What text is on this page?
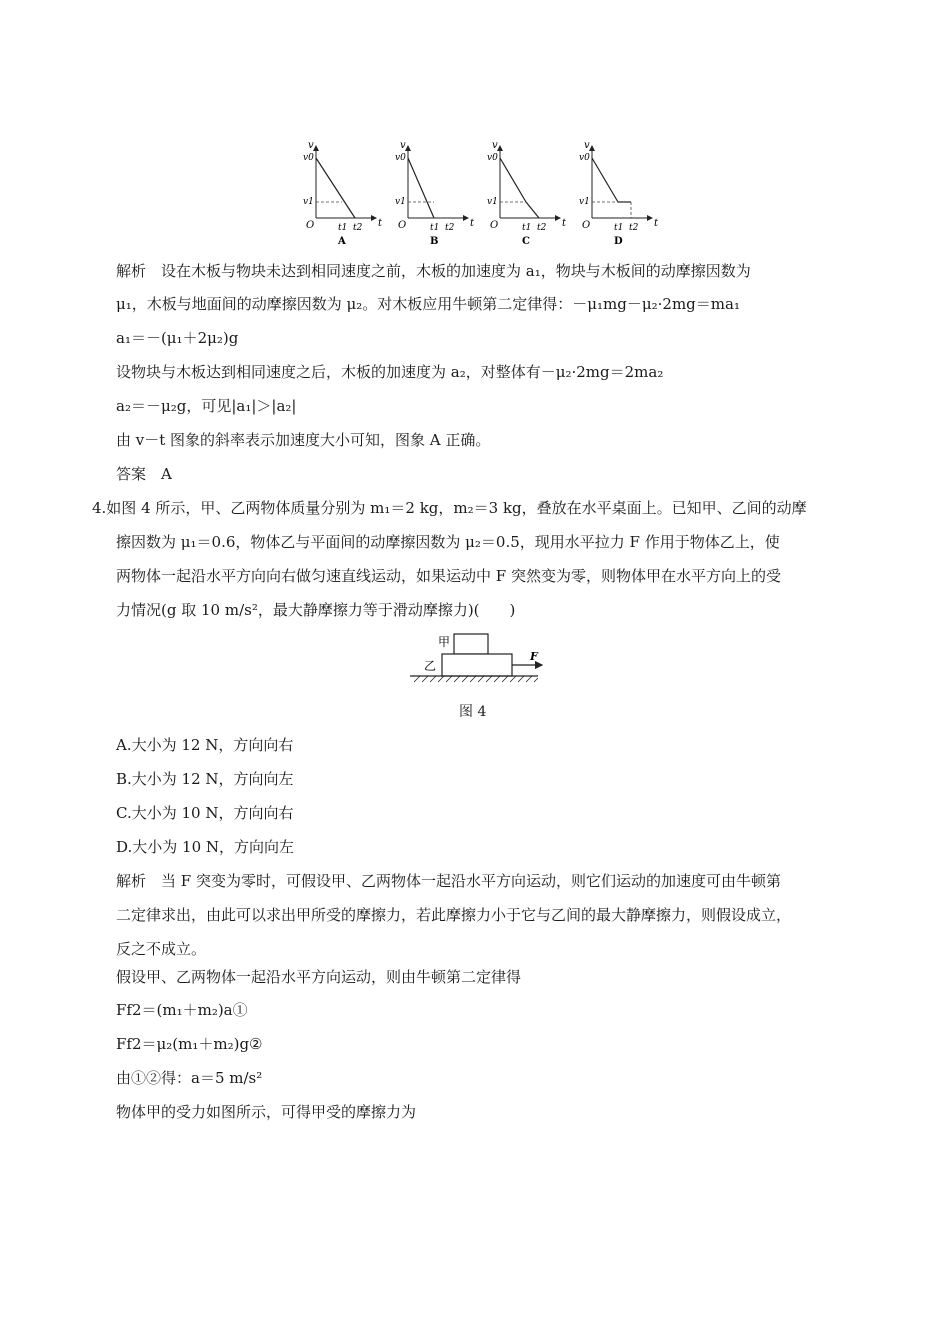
v
t
v0
v1
O	t1 t2
A
v
t
v0
v1
O	t1 t2
B
v
t
v0
v1
O	t1 t2
C
v
t
v0
v1
O	t1 t2
D
解析　设在木板与物块未达到相同速度之前，木板的加速度为 a₁，物块与木板间的动摩擦因数为
μ₁，木板与地面间的动摩擦因数为 μ₂。对木板应用牛顿第二定律得：－μ₁mg－μ₂·2mg＝ma₁
a₁＝－(μ₁＋2μ₂)g
设物块与木板达到相同速度之后，木板的加速度为 a₂，对整体有－μ₂·2mg＝2ma₂
a₂＝－μ₂g，可见|a₁|＞|a₂|
由 v－t 图象的斜率表示加速度大小可知，图象 A 正确。
答案　A
4.如图 4 所示，甲、乙两物体质量分别为 m₁＝2 kg，m₂＝3 kg，叠放在水平桌面上。已知甲、乙间的动摩
擦因数为 μ₁＝0.6，物体乙与平面间的动摩擦因数为 μ₂＝0.5，现用水平拉力 F 作用于物体乙上，使
两物体一起沿水平方向向右做匀速直线运动，如果运动中 F 突然变为零，则物体甲在水平方向上的受
力情况(g 取 10 m/s²，最大静摩擦力等于滑动摩擦力)(　　)
甲
乙
F
图 4
A.大小为 12 N，方向向右
B.大小为 12 N，方向向左
C.大小为 10 N，方向向右
D.大小为 10 N，方向向左
解析　当 F 突变为零时，可假设甲、乙两物体一起沿水平方向运动，则它们运动的加速度可由牛顿第
二定律求出，由此可以求出甲所受的摩擦力，若此摩擦力小于它与乙间的最大静摩擦力，则假设成立，
反之不成立。
假设甲、乙两物体一起沿水平方向运动，则由牛顿第二定律得
Ff2＝(m₁＋m₂)a①
Ff2＝μ₂(m₁＋m₂)g②
由①②得：a＝5 m/s²
物体甲的受力如图所示，可得甲受的摩擦力为
